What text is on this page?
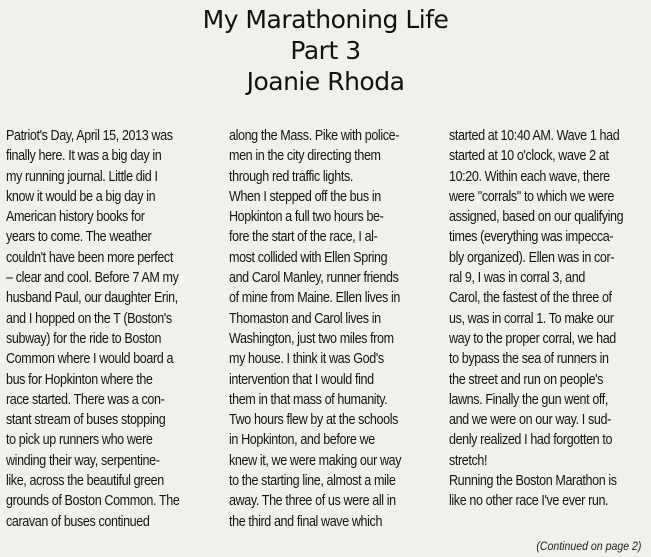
My Marathoning Life
Part 3
Joanie Rhoda
Patriot's Day, April 15, 2013 was
finally here. It was a big day in
my running journal. Little did I
know it would be a big day in
American history books for
years to come. The weather
couldn't have been more perfect
– clear and cool. Before 7 AM my
husband Paul, our daughter Erin,
and I hopped on the T (Boston's
subway) for the ride to Boston
Common where I would board a
bus for Hopkinton where the
race started. There was a con-
stant stream of buses stopping
to pick up runners who were
winding their way, serpentine-
like, across the beautiful green
grounds of Boston Common. The
caravan of buses continued
along the Mass. Pike with police-
men in the city directing them
through red traffic lights.
When I stepped off the bus in
Hopkinton a full two hours be-
fore the start of the race, I al-
most collided with Ellen Spring
and Carol Manley, runner friends
of mine from Maine. Ellen lives in
Thomaston and Carol lives in
Washington, just two miles from
my house. I think it was God's
intervention that I would find
them in that mass of humanity.
Two hours flew by at the schools
in Hopkinton, and before we
knew it, we were making our way
to the starting line, almost a mile
away. The three of us were all in
the third and final wave which
started at 10:40 AM. Wave 1 had
started at 10 o'clock, wave 2 at
10:20. Within each wave, there
were "corrals" to which we were
assigned, based on our qualifying
times (everything was impecca-
bly organized). Ellen was in cor-
ral 9, I was in corral 3, and
Carol, the fastest of the three of
us, was in corral 1. To make our
way to the proper corral, we had
to bypass the sea of runners in
the street and run on people's
lawns. Finally the gun went off,
and we were on our way. I sud-
denly realized I had forgotten to
stretch!
Running the Boston Marathon is
like no other race I've ever run.
(Continued on page 2)
